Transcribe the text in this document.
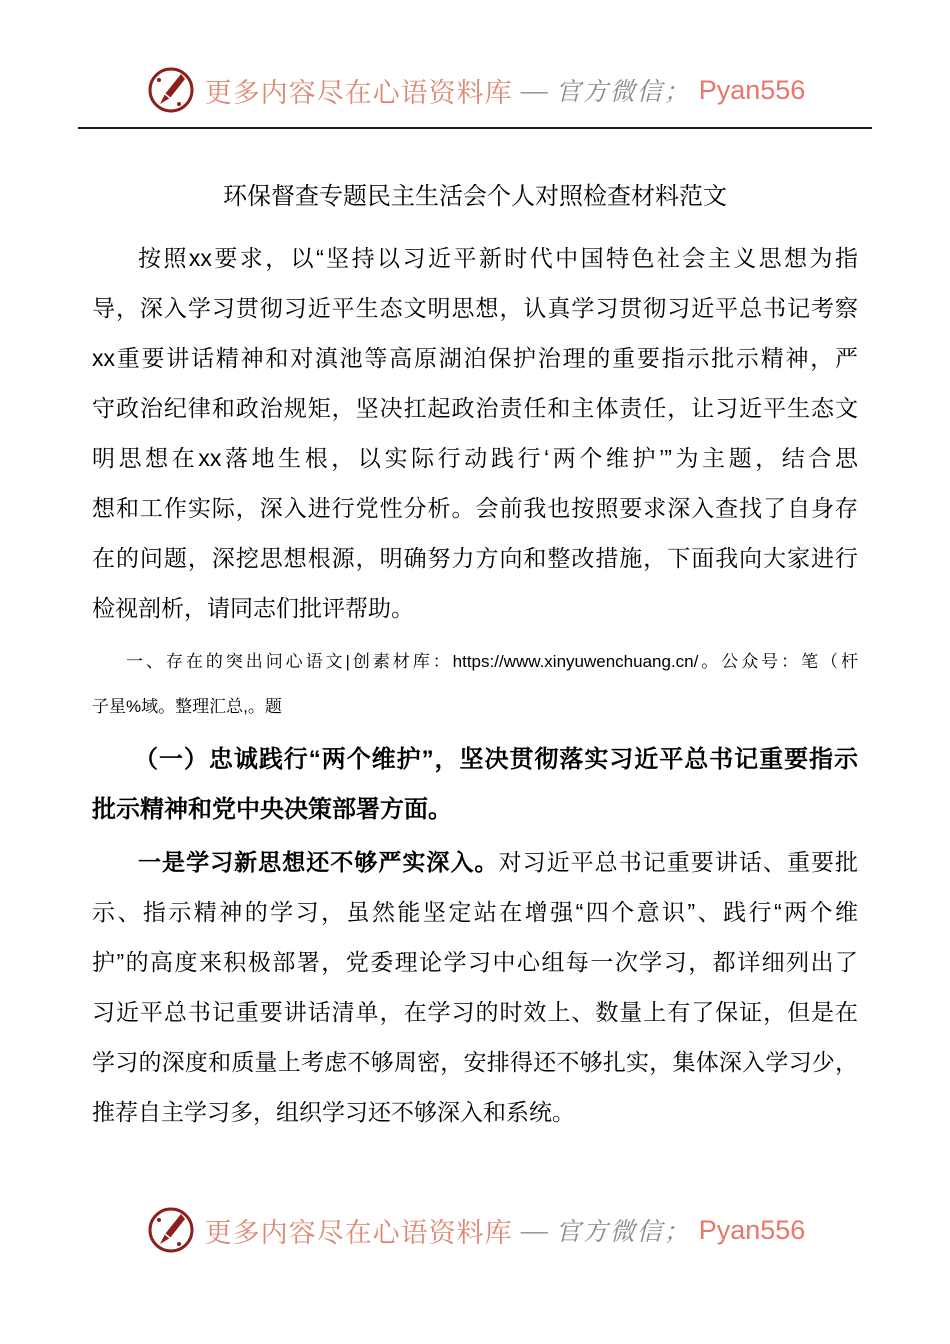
更多内容尽在心语资料库 — 官方微信； Pyan556
环保督查专题民主生活会个人对照检查材料范文
按照xx要求，以“坚持以习近平新时代中国特色社会主义思想为指
导，深入学习贯彻习近平生态文明思想，认真学习贯彻习近平总书记考察
xx重要讲话精神和对滇池等高原湖泊保护治理的重要指示批示精神，严
守政治纪律和政治规矩，坚决扛起政治责任和主体责任，让习近平生态文
明思想在xx落地生根，以实际行动践行‘两个维护’”为主题，结合思
想和工作实际，深入进行党性分析。会前我也按照要求深入查找了自身存
在的问题，深挖思想根源，明确努力方向和整改措施，下面我向大家进行
检视剖析，请同志们批评帮助。
一、存在的突出问心语文|创素材库：https://www.xinyuwenchuang.cn/。公众号：笔（杆
子星%域。整理汇总,。题
（一）忠诚践行“两个维护”，坚决贯彻落实习近平总书记重要指示
批示精神和党中央决策部署方面。
一是学习新思想还不够严实深入。对习近平总书记重要讲话、重要批
示、指示精神的学习，虽然能坚定站在增强“四个意识”、践行“两个维
护”的高度来积极部署，党委理论学习中心组每一次学习，都详细列出了
习近平总书记重要讲话清单，在学习的时效上、数量上有了保证，但是在
学习的深度和质量上考虑不够周密，安排得还不够扎实，集体深入学习少，
推荐自主学习多，组织学习还不够深入和系统。
更多内容尽在心语资料库 — 官方微信； Pyan556
